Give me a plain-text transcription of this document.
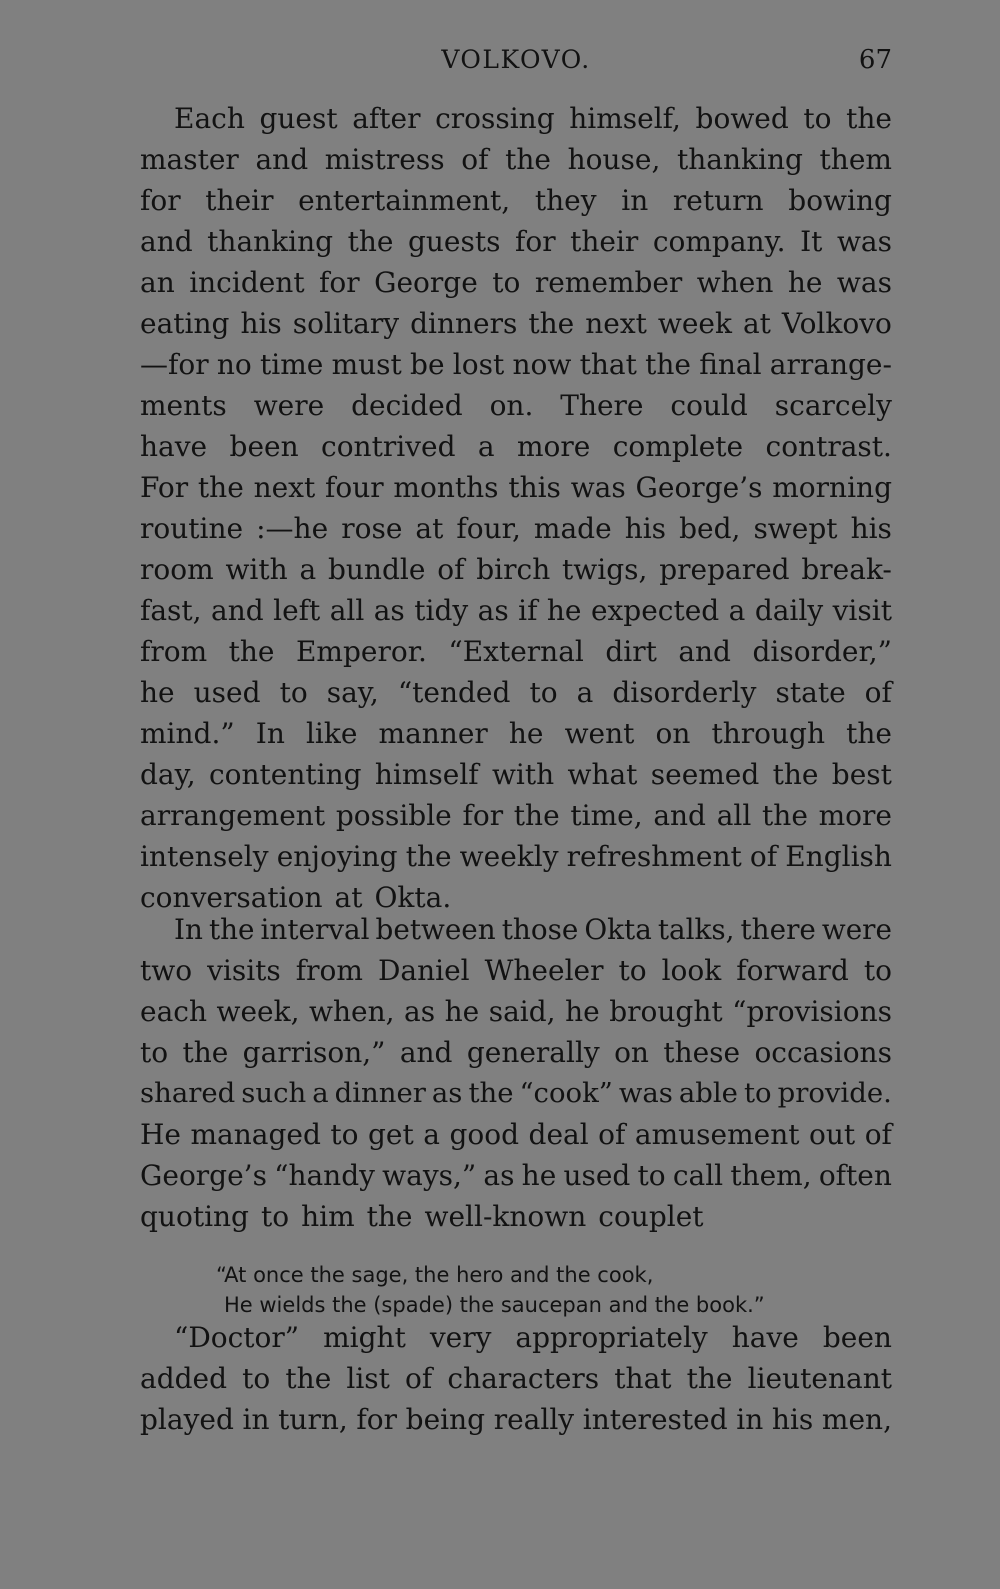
VOLKOVO.	67
Each guest after crossing himself, bowed to the
master and mistress of the house, thanking them
for their entertainment, they in return bowing
and thanking the guests for their company. It was
an incident for George to remember when he was
eating his solitary dinners the next week at Volkovo
—for no time must be lost now that the final arrange-
ments were decided on. There could scarcely
have been contrived a more complete contrast.
For the next four months this was George’s morning
routine :—he rose at four, made his bed, swept his
room with a bundle of birch twigs, prepared break-
fast, and left all as tidy as if he expected a daily visit
from the Emperor. “External dirt and disorder,”
he used to say, “tended to a disorderly state of
mind.” In like manner he went on through the
day, contenting himself with what seemed the best
arrangement possible for the time, and all the more
intensely enjoying the weekly refreshment of English
conversation at Okta.
In the interval between those Okta talks, there were
two visits from Daniel Wheeler to look forward to
each week, when, as he said, he brought “provisions
to the garrison,” and generally on these occasions
shared such a dinner as the “cook” was able to provide.
He managed to get a good deal of amusement out of
George’s “handy ways,” as he used to call them, often
quoting to him the well-known couplet
“At once the sage, the hero and the cook,
He wields the (spade) the saucepan and the book.”
“Doctor” might very appropriately have been
added to the list of characters that the lieutenant
played in turn, for being really interested in his men,
